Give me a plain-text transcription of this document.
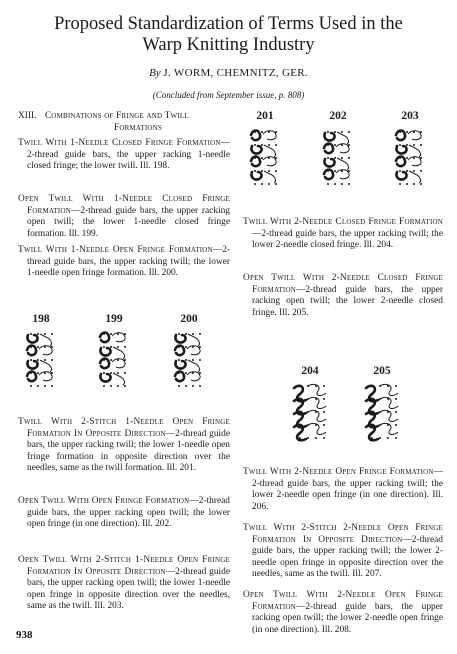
Proposed Standardization of Terms Used in the
Warp Knitting Industry
By J. WORM, CHEMNITZ, GER.
(Concluded from September issue, p. 808)
XIII. Combinations of Fringe and Twill
Formations
Twill With 1-Needle Closed Fringe Formation—2-thread guide bars, the upper racking 1-needle closed fringe; the lower twill. Ill. 198.
Open Twill With 1-Needle Closed Fringe Formation—2-thread guide bars, the upper racking open twill; the lower 1-needle closed fringe formation. Ill. 199.
Twill With 1-Needle Open Fringe Formation—2-thread guide bars, the upper racking twill; the lower 1-needle open fringe formation. Ill. 200.
198	199	200
Twill With 2-Stitch 1-Needle Open Fringe Formation In Opposite Direction—2-thread guide bars, the upper racking twill; the lower 1-needle open fringe formation in opposite direction over the needles, same as the twill formation. Ill. 201.
Open Twill With Open Fringe Formation—2-thread guide bars, the upper racking open twill; the lower open fringe (in one direction). Ill. 202.
Open Twill With 2-Stitch 1-Needle Open Fringe Formation In Opposite Direction—2-thread guide bars, the upper racking open twill; the lower 1-needle open fringe in opposite direction over the needles, same as the twill. Ill. 203.
938
201	202	203
Twill With 2-Needle Closed Fringe Formation—2-thread guide bars, the upper racking twill; the lower 2-needle closed fringe. Ill. 204.
Open Twill With 2-Needle Closed Fringe Formation—2-thread guide bars, the upper racking open twill; the lower 2-needle closed fringe. Ill. 205.
204	205
Twill With 2-Needle Open Fringe Formation—2-thread guide bars, the upper racking twill; the lower 2-needle open fringe (in one direction). Ill. 206.
Twill With 2-Stitch 2-Needle Open Fringe Formation In Opposite Direction—2-thread guide bars, the upper racking twill; the lower 2-needle open fringe in opposite direction over the needles, same as the twill. Ill. 207.
Open Twill With 2-Needle Open Fringe Formation—2-thread guide bars, the upper racking open twill; the lower 2-needle open fringe (in one direction). Ill. 208.
